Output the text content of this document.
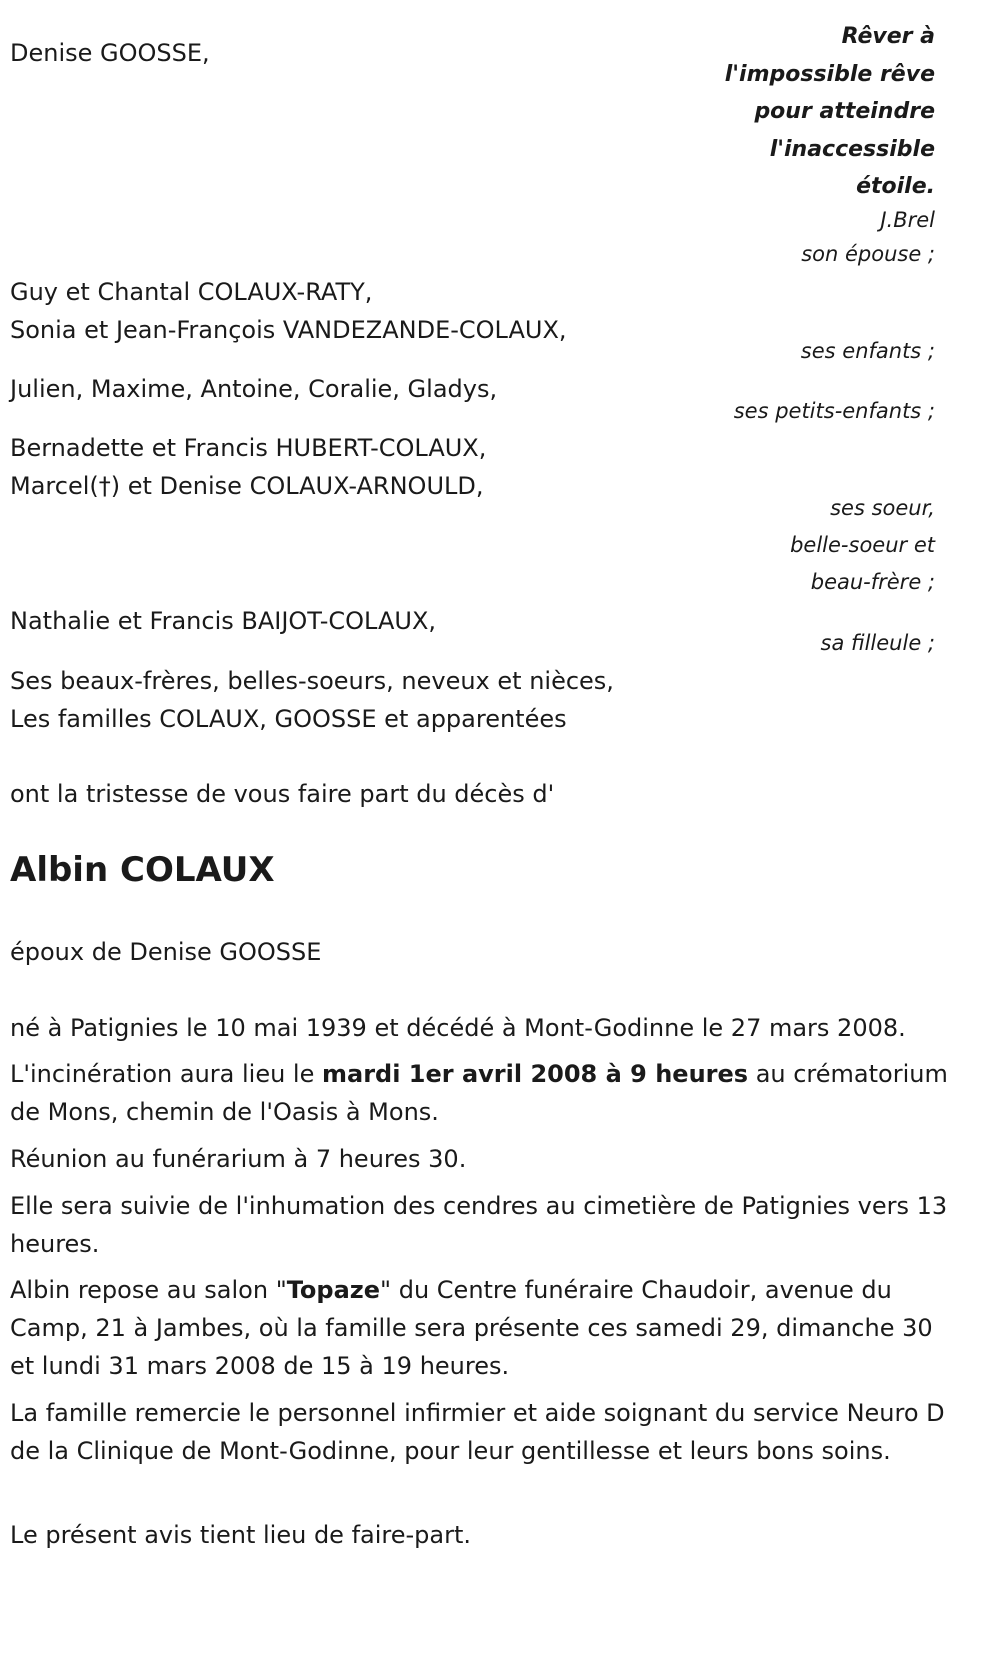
Rêver à
l'impossible rêve
pour atteindre
l'inaccessible
étoile.
J.Brel
son épouse ;
Denise GOOSSE,
Guy et Chantal COLAUX-RATY,
Sonia et Jean-François VANDEZANDE-COLAUX,
ses enfants ;
Julien, Maxime, Antoine, Coralie, Gladys,
ses petits-enfants ;
Bernadette et Francis HUBERT-COLAUX,
Marcel(†) et Denise COLAUX-ARNOULD,
ses soeur,
belle-soeur et
beau-frère ;
Nathalie et Francis BAIJOT-COLAUX,
sa filleule ;
Ses beaux-frères, belles-soeurs, neveux et nièces,
Les familles COLAUX, GOOSSE et apparentées
ont la tristesse de vous faire part du décès d'
Albin COLAUX
époux de Denise GOOSSE
né à Patignies le 10 mai 1939 et décédé à Mont-Godinne le 27 mars 2008.
L'incinération aura lieu le mardi 1er avril 2008 à 9 heures au crématorium de Mons, chemin de l'Oasis à Mons.
Réunion au funérarium à 7 heures 30.
Elle sera suivie de l'inhumation des cendres au cimetière de Patignies vers 13 heures.
Albin repose au salon "Topaze" du Centre funéraire Chaudoir, avenue du Camp, 21 à Jambes, où la famille sera présente ces samedi 29, dimanche 30 et lundi 31 mars 2008 de 15 à 19 heures.
La famille remercie le personnel infirmier et aide soignant du service Neuro D de la Clinique de Mont-Godinne, pour leur gentillesse et leurs bons soins.
Le présent avis tient lieu de faire-part.
